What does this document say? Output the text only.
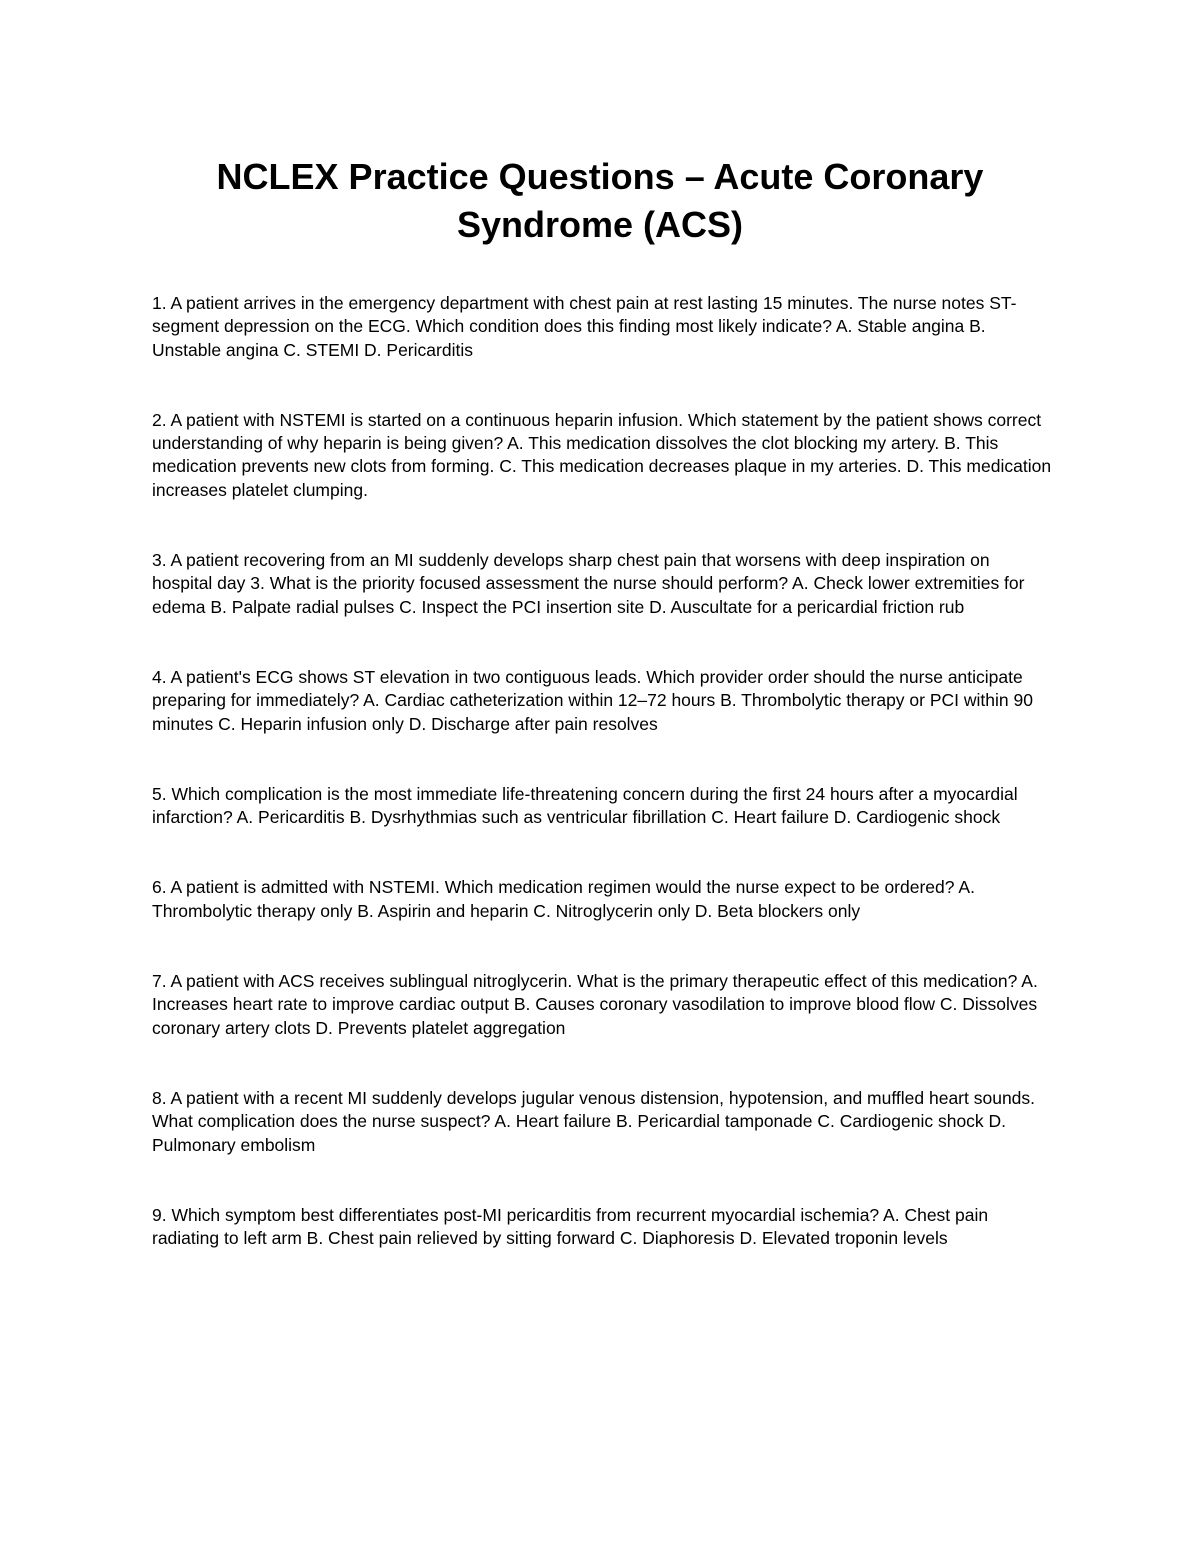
NCLEX Practice Questions – Acute Coronary
Syndrome (ACS)
1. A patient arrives in the emergency department with chest pain at rest lasting 15 minutes. The nurse notes ST-segment depression on the ECG. Which condition does this finding most likely indicate? A. Stable angina B. Unstable angina C. STEMI D. Pericarditis
2. A patient with NSTEMI is started on a continuous heparin infusion. Which statement by the patient shows correct understanding of why heparin is being given? A. This medication dissolves the clot blocking my artery. B. This medication prevents new clots from forming. C. This medication decreases plaque in my arteries. D. This medication increases platelet clumping.
3. A patient recovering from an MI suddenly develops sharp chest pain that worsens with deep inspiration on hospital day 3. What is the priority focused assessment the nurse should perform? A. Check lower extremities for edema B. Palpate radial pulses C. Inspect the PCI insertion site D. Auscultate for a pericardial friction rub
4. A patient's ECG shows ST elevation in two contiguous leads. Which provider order should the nurse anticipate preparing for immediately? A. Cardiac catheterization within 12–72 hours B. Thrombolytic therapy or PCI within 90 minutes C. Heparin infusion only D. Discharge after pain resolves
5. Which complication is the most immediate life-threatening concern during the first 24 hours after a myocardial infarction? A. Pericarditis B. Dysrhythmias such as ventricular fibrillation C. Heart failure D. Cardiogenic shock
6. A patient is admitted with NSTEMI. Which medication regimen would the nurse expect to be ordered? A. Thrombolytic therapy only B. Aspirin and heparin C. Nitroglycerin only D. Beta blockers only
7. A patient with ACS receives sublingual nitroglycerin. What is the primary therapeutic effect of this medication? A. Increases heart rate to improve cardiac output B. Causes coronary vasodilation to improve blood flow C. Dissolves coronary artery clots D. Prevents platelet aggregation
8. A patient with a recent MI suddenly develops jugular venous distension, hypotension, and muffled heart sounds. What complication does the nurse suspect? A. Heart failure B. Pericardial tamponade C. Cardiogenic shock D. Pulmonary embolism
9. Which symptom best differentiates post-MI pericarditis from recurrent myocardial ischemia? A. Chest pain radiating to left arm B. Chest pain relieved by sitting forward C. Diaphoresis D. Elevated troponin levels
